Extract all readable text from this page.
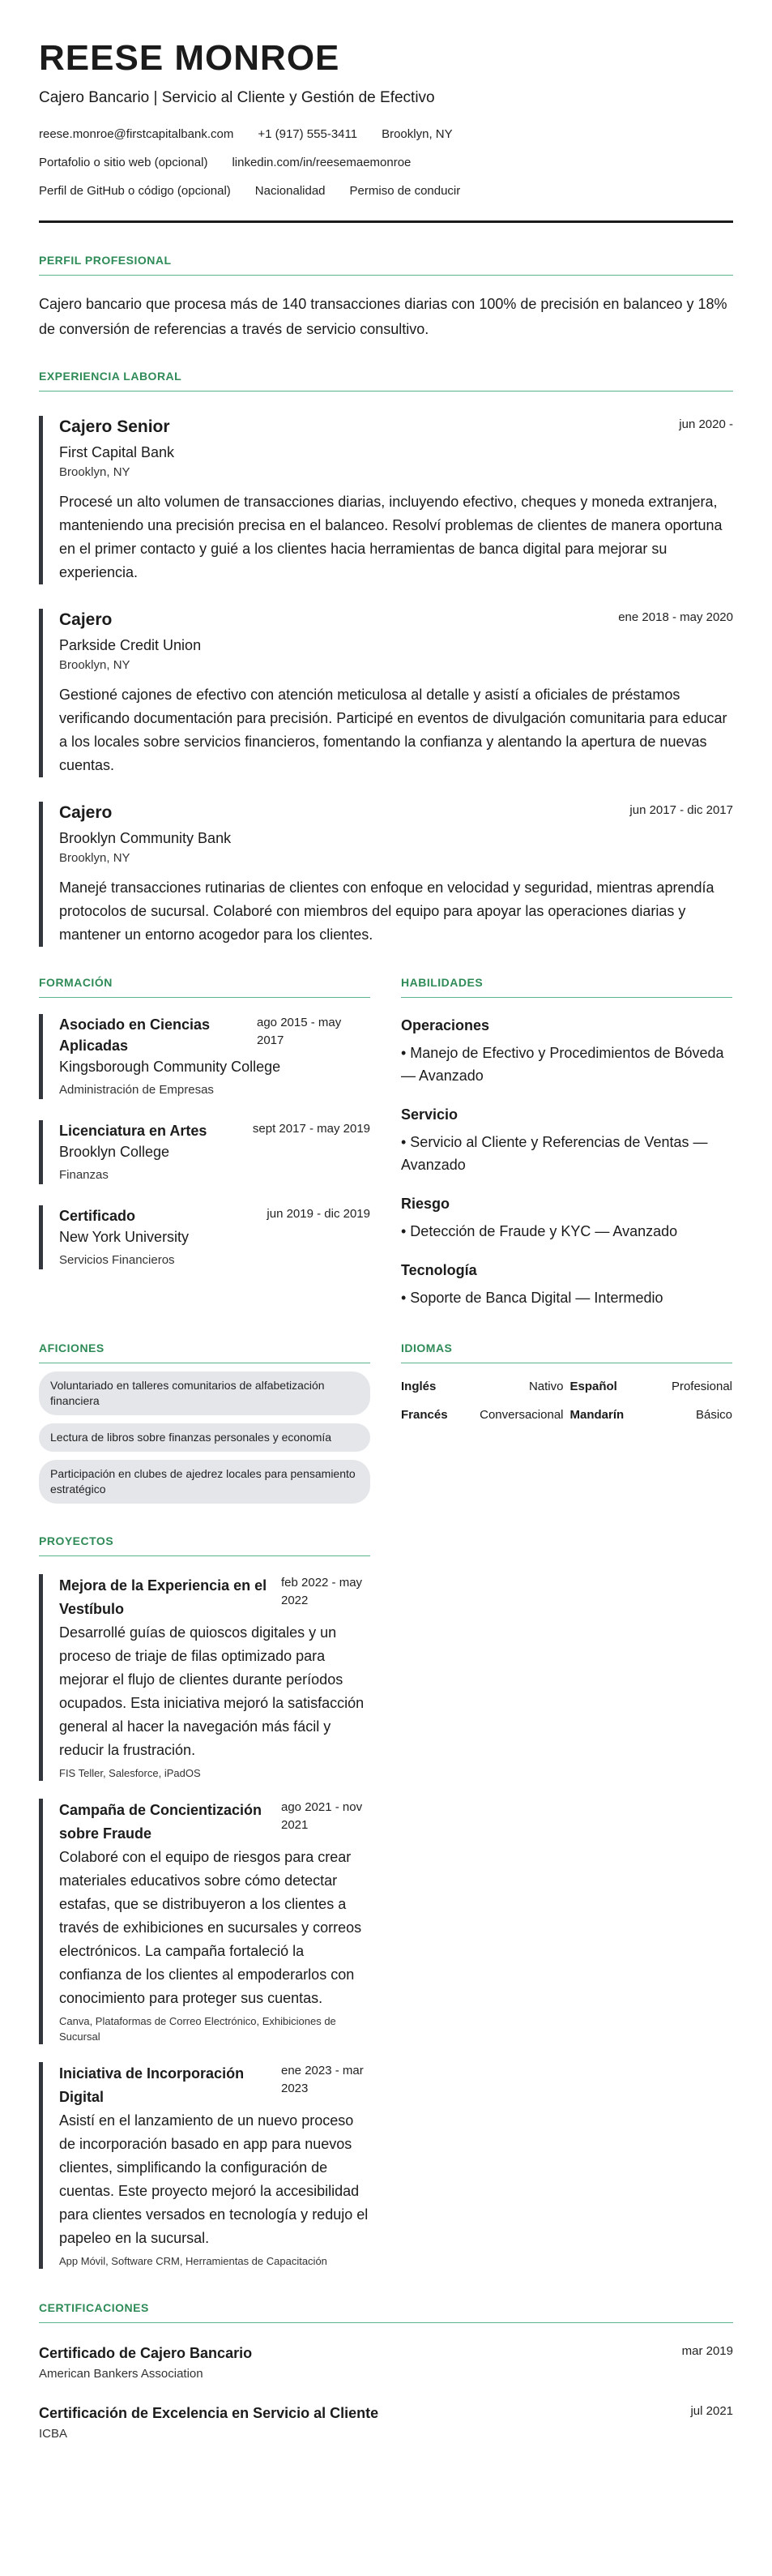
REESE MONROE
Cajero Bancario | Servicio al Cliente y Gestión de Efectivo
reese.monroe@firstcapitalbank.com +1 (917) 555-3411 Brooklyn, NY
Portafolio o sitio web (opcional) linkedin.com/in/reesemaemonroe
Perfil de GitHub o código (opcional) Nacionalidad Permiso de conducir
PERFIL PROFESIONAL
Cajero bancario que procesa más de 140 transacciones diarias con 100% de precisión en balanceo y 18% de conversión de referencias a través de servicio consultivo.
EXPERIENCIA LABORAL
Cajero Senior	jun 2020 -
First Capital Bank
Brooklyn, NY
Procesé un alto volumen de transacciones diarias, incluyendo efectivo, cheques y moneda extranjera, manteniendo una precisión precisa en el balanceo. Resolví problemas de clientes de manera oportuna en el primer contacto y guié a los clientes hacia herramientas de banca digital para mejorar su experiencia.
Cajero	ene 2018 - may 2020
Parkside Credit Union
Brooklyn, NY
Gestioné cajones de efectivo con atención meticulosa al detalle y asistí a oficiales de préstamos verificando documentación para precisión. Participé en eventos de divulgación comunitaria para educar a los locales sobre servicios financieros, fomentando la confianza y alentando la apertura de nuevas cuentas.
Cajero	jun 2017 - dic 2017
Brooklyn Community Bank
Brooklyn, NY
Manejé transacciones rutinarias de clientes con enfoque en velocidad y seguridad, mientras aprendía protocolos de sucursal. Colaboré con miembros del equipo para apoyar las operaciones diarias y mantener un entorno acogedor para los clientes.
FORMACIÓN
Asociado en Ciencias Aplicadas
ago 2015 - may 2017
Kingsborough Community College
Administración de Empresas
Licenciatura en Artes	sept 2017 - may 2019
Brooklyn College
Finanzas
Certificado	jun 2019 - dic 2019
New York University
Servicios Financieros
HABILIDADES
Operaciones
• Manejo de Efectivo y Procedimientos de Bóveda — Avanzado
Servicio
• Servicio al Cliente y Referencias de Ventas — Avanzado
Riesgo
• Detección de Fraude y KYC — Avanzado
Tecnología
• Soporte de Banca Digital — Intermedio
AFICIONES
Voluntariado en talleres comunitarios de alfabetización financiera
Lectura de libros sobre finanzas personales y economía
Participación en clubes de ajedrez locales para pensamiento estratégico
IDIOMAS
Inglés	Nativo Español	Profesional
Francés	Conversacional Mandarín	Básico
PROYECTOS
Mejora de la Experiencia en el Vestíbulo
feb 2022 - may 2022
Desarrollé guías de quioscos digitales y un proceso de triaje de filas optimizado para mejorar el flujo de clientes durante períodos ocupados. Esta iniciativa mejoró la satisfacción general al hacer la navegación más fácil y reducir la frustración.
FIS Teller, Salesforce, iPadOS
Campaña de Concientización sobre Fraude
ago 2021 - nov 2021
Colaboré con el equipo de riesgos para crear materiales educativos sobre cómo detectar estafas, que se distribuyeron a los clientes a través de exhibiciones en sucursales y correos electrónicos. La campaña fortaleció la confianza de los clientes al empoderarlos con conocimiento para proteger sus cuentas.
Canva, Plataformas de Correo Electrónico, Exhibiciones de Sucursal
Iniciativa de Incorporación Digital
ene 2023 - mar 2023
Asistí en el lanzamiento de un nuevo proceso de incorporación basado en app para nuevos clientes, simplificando la configuración de cuentas. Este proyecto mejoró la accesibilidad para clientes versados en tecnología y redujo el papeleo en la sucursal.
App Móvil, Software CRM, Herramientas de Capacitación
CERTIFICACIONES
Certificado de Cajero Bancario	mar 2019
American Bankers Association
Certificación de Excelencia en Servicio al Cliente	jul 2021
ICBA
